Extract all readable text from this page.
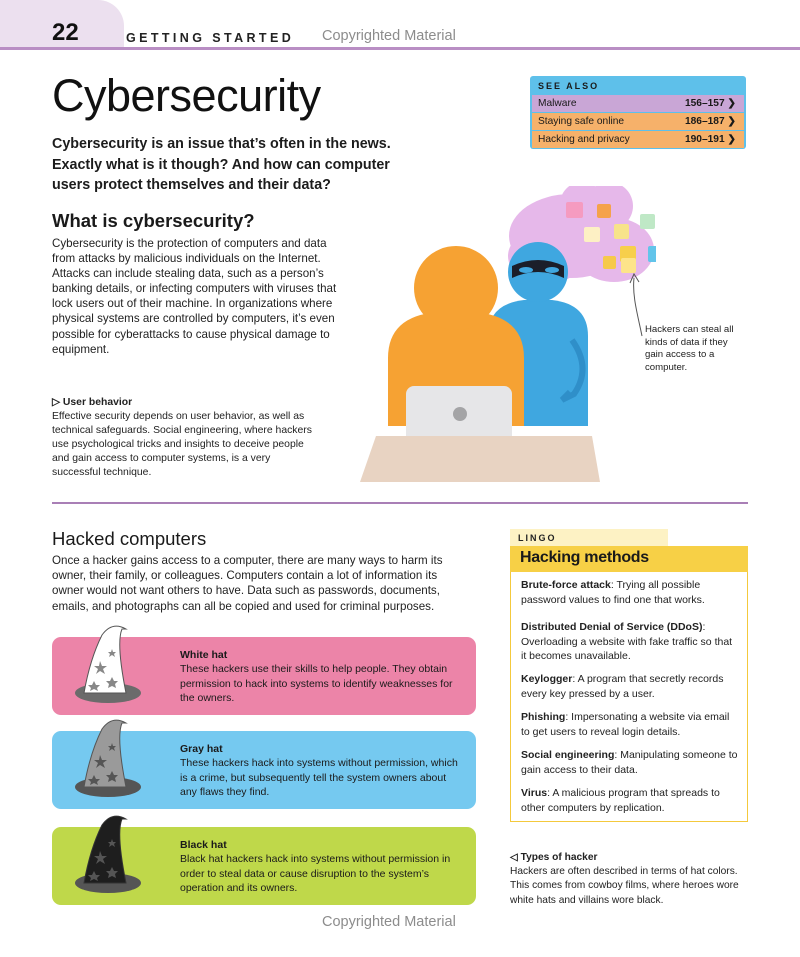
22	GETTING STARTED Copyrighted Material
Cybersecurity
Cybersecurity is an issue that’s often in the news. Exactly what is it though? And how can computer users protect themselves and their data?
What is cybersecurity?
Cybersecurity is the protection of computers and data from attacks by malicious individuals on the Internet. Attacks can include stealing data, such as a person’s banking details, or infecting computers with viruses that lock users out of their machine. In organizations where physical systems are controlled by computers, it’s even possible for cyberattacks to cause physical damage to equipment.
▷ User behavior
Effective security depends on user behavior, as well as technical safeguards. Social engineering, where hackers use psychological tricks and insights to deceive people and gain access to computer systems, is a very successful technique.
SEE ALSO
Malware	156–157 ❯
Staying safe online	186–187 ❯
Hacking and privacy	190–191 ❯
Hackers can steal all kinds of data if they gain access to a computer.
Hacked computers
Once a hacker gains access to a computer, there are many ways to harm its owner, their family, or colleagues. Computers contain a lot of information its owner would not want others to have. Data such as passwords, documents, emails, and photographs can all be copied and used for criminal purposes.
White hat
These hackers use their skills to help people. They obtain permission to hack into systems to identify weaknesses for the owners.
Gray hat
These hackers hack into systems without permission, which is a crime, but subsequently tell the system owners about any flaws they find.
Black hat
Black hat hackers hack into systems without permission in order to steal data or cause disruption to the system’s operation and its owners.
LINGO
Hacking methods
Brute-force attack: Trying all possible password values to find one that works.
Distributed Denial of Service (DDoS): Overloading a website with fake traffic so that it becomes unavailable.
Keylogger: A program that secretly records every key pressed by a user.
Phishing: Impersonating a website via email to get users to reveal login details.
Social engineering: Manipulating someone to gain access to their data.
Virus: A malicious program that spreads to other computers by replication.
◁ Types of hacker
Hackers are often described in terms of hat colors. This comes from cowboy films, where heroes wore white hats and villains wore black.
Copyrighted Material
